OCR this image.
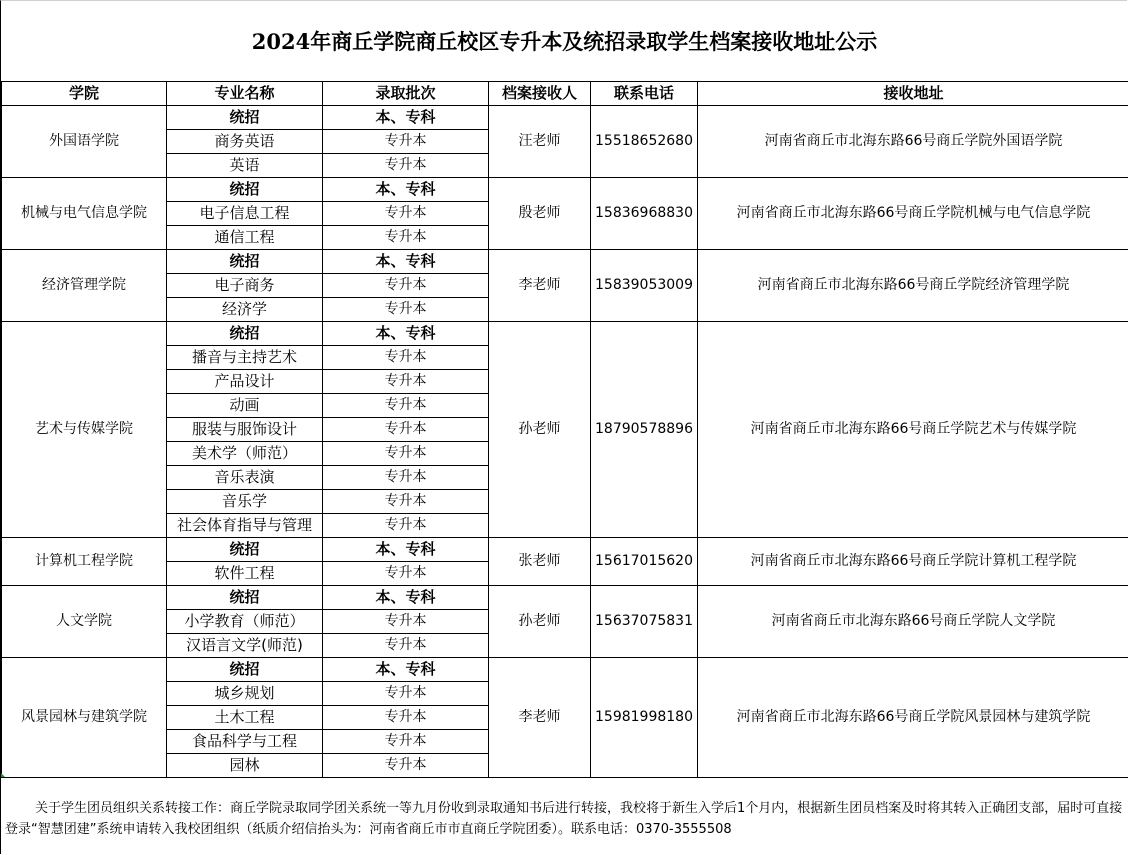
2024年商丘学院商丘校区专升本及统招录取学生档案接收地址公示
学院	专业名称	录取批次	档案接收人	联系电话	接收地址
外国语学院	统招	本、专科	汪老师	15518652680	河南省商丘市北海东路66号商丘学院外国语学院
	商务英语	专升本			
	英语	专升本			
机械与电气信息学院	统招	本、专科	殷老师	15836968830	河南省商丘市北海东路66号商丘学院机械与电气信息学院
	电子信息工程	专升本			
	通信工程	专升本			
经济管理学院	统招	本、专科	李老师	15839053009	河南省商丘市北海东路66号商丘学院经济管理学院
	电子商务	专升本			
	经济学	专升本			
艺术与传媒学院	统招	本、专科	孙老师	18790578896	河南省商丘市北海东路66号商丘学院艺术与传媒学院
	播音与主持艺术	专升本			
	产品设计	专升本			
	动画	专升本			
	服装与服饰设计	专升本			
	美术学（师范）	专升本			
	音乐表演	专升本			
	音乐学	专升本			
	社会体育指导与管理	专升本			
计算机工程学院	统招	本、专科	张老师	15617015620	河南省商丘市北海东路66号商丘学院计算机工程学院
	软件工程	专升本			
人文学院	统招	本、专科	孙老师	15637075831	河南省商丘市北海东路66号商丘学院人文学院
	小学教育（师范）	专升本			
	汉语言文学(师范)	专升本			
风景园林与建筑学院	统招	本、专科	李老师	15981998180	河南省商丘市北海东路66号商丘学院风景园林与建筑学院
	城乡规划	专升本			
	土木工程	专升本			
	食品科学与工程	专升本			
	园林	专升本			
关于学生团员组织关系转接工作：商丘学院录取同学团关系统一等九月份收到录取通知书后进行转接，我校将于新生入学后1个月内，根据新生团员档案及时将其转入正确团支部，届时可直接登录“智慧团建”系统申请转入我校团组织（纸质介绍信抬头为：河南省商丘市市直商丘学院团委）。联系电话：0370-3555508
